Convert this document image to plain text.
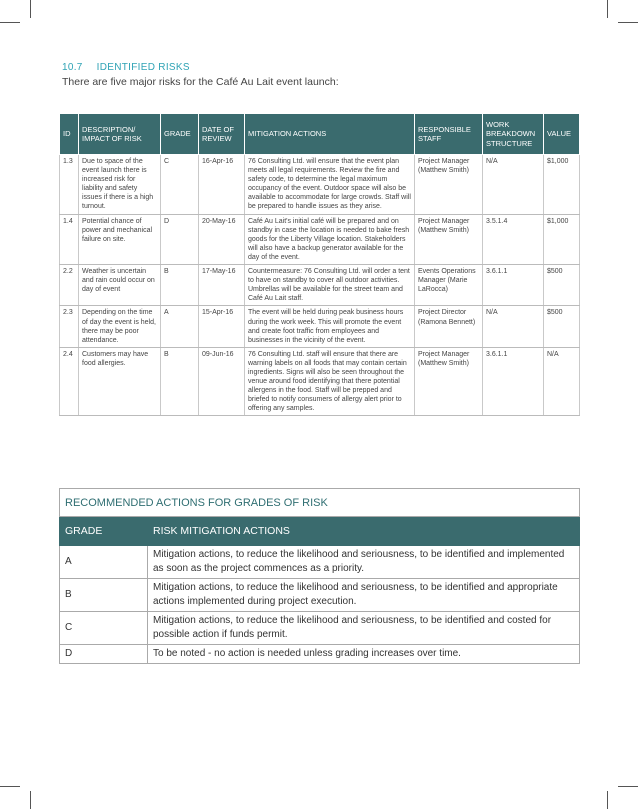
10.7 IDENTIFIED RISKS
There are five major risks for the Café Au Lait event launch:
ID	DESCRIPTION/ IMPACT OF RISK	GRADE	DATE OF REVIEW	MITIGATION ACTIONS	RESPONSIBLE STAFF	WORK BREAKDOWN STRUCTURE	VALUE
1.3	Due to space of the event launch there is increased risk for liability and safety issues if there is a high turnout.	C	16-Apr-16	76 Consulting Ltd. will ensure that the event plan meets all legal requirements. Review the fire and safety code, to determine the legal maximum occupancy of the event. Outdoor space will also be available to accommodate for large crowds. Staff will be prepared to handle issues as they arise.	Project Manager (Matthew Smith)	N/A	$1,000
1.4	Potential chance of power and mechanical failure on site.	D	20-May-16	Café Au Lait's initial café will be prepared and on standby in case the location is needed to bake fresh goods for the Liberty Village location. Stakeholders will also have a backup generator available for the day of the event.	Project Manager (Matthew Smith)	3.5.1.4	$1,000
2.2	Weather is uncertain and rain could occur on day of event	B	17-May-16	Countermeasure: 76 Consulting Ltd. will order a tent to have on standby to cover all outdoor activities. Umbrellas will be available for the street team and Café Au Lait staff.	Events Operations Manager (Marie LaRocca)	3.6.1.1	$500
2.3	Depending on the time of day the event is held, there may be poor attendance.	A	15-Apr-16	The event will be held during peak business hours during the work week. This will promote the event and create foot traffic from employees and businesses in the vicinity of the event.	Project Director (Ramona Bennett)	N/A	$500
2.4	Customers may have food allergies.	B	09-Jun-16	76 Consulting Ltd. staff will ensure that there are warning labels on all foods that may contain certain ingredients. Signs will also be seen throughout the venue around food identifying that there potential allergens in the food. Staff will be prepped and briefed to notify consumers of allergy alert prior to offering any samples.	Project Manager (Matthew Smith)	3.6.1.1	N/A
RECOMMENDED ACTIONS FOR GRADES OF RISK	
GRADE	RISK MITIGATION ACTIONS
A	Mitigation actions, to reduce the likelihood and seriousness, to be identified and implemented as soon as the project commences as a priority.
B	Mitigation actions, to reduce the likelihood and seriousness, to be identified and appropriate actions implemented during project execution.
C	Mitigation actions, to reduce the likelihood and seriousness, to be identified and costed for possible action if funds permit.
D	To be noted - no action is needed unless grading increases over time.
